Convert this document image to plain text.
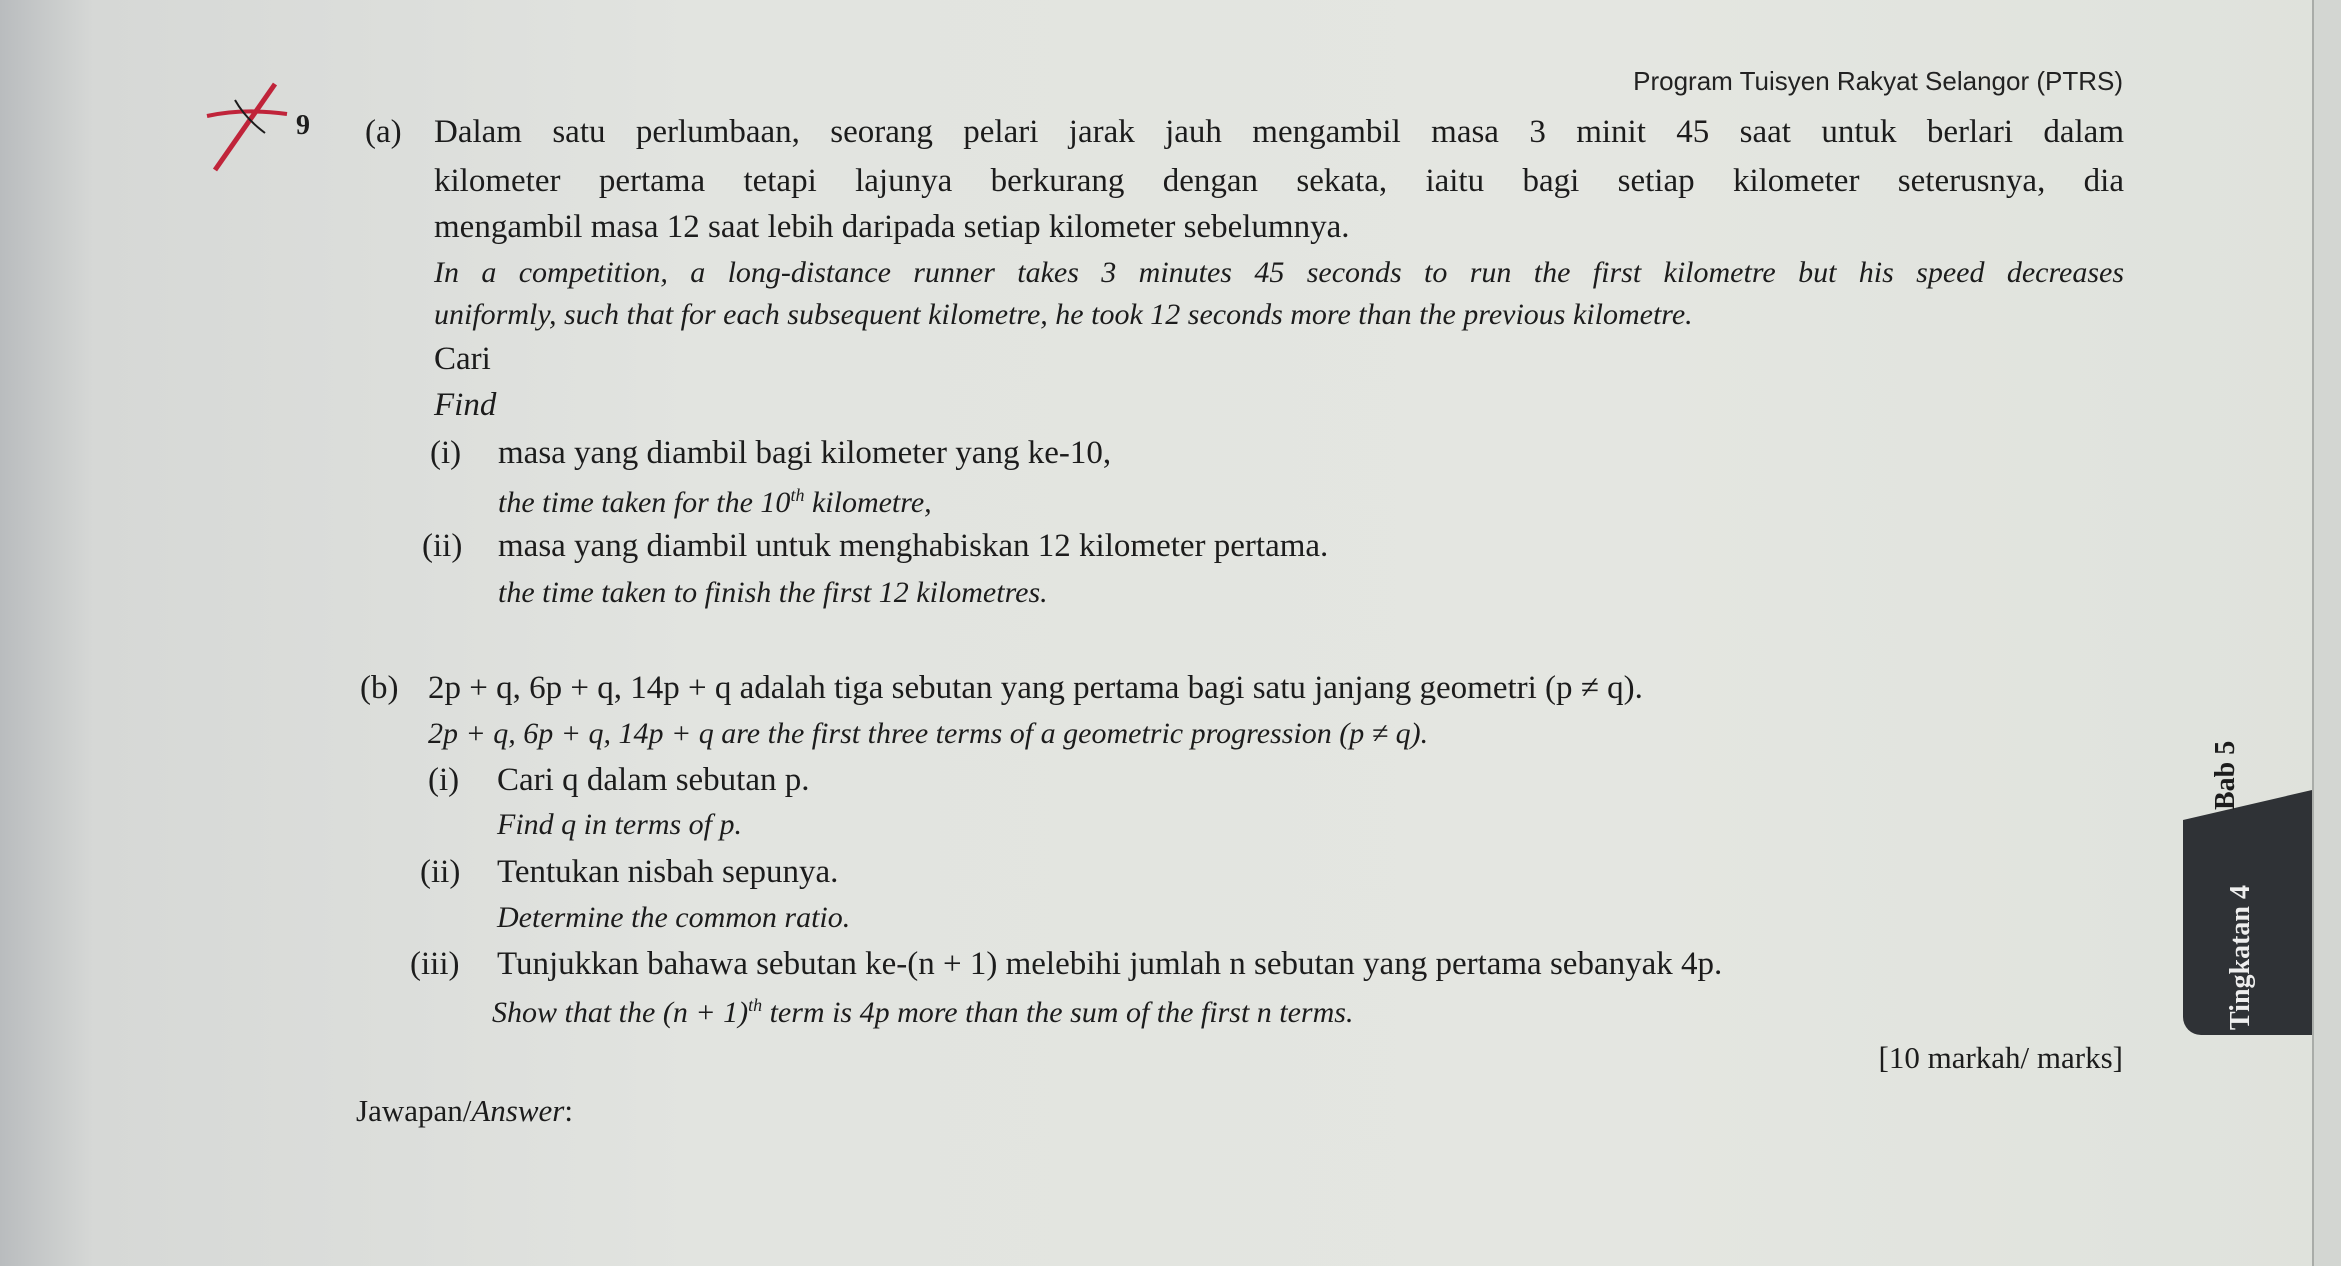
Program Tuisyen Rakyat Selangor (PTRS)
9 (a) Dalam satu perlumbaan, seorang pelari jarak jauh mengambil masa 3 minit 45 saat untuk berlari dalam
kilometer pertama tetapi lajunya berkurang dengan sekata, iaitu bagi setiap kilometer seterusnya, dia
mengambil masa 12 saat lebih daripada setiap kilometer sebelumnya.
In a competition, a long-distance runner takes 3 minutes 45 seconds to run the first kilometre but his speed decreases
uniformly, such that for each subsequent kilometre, he took 12 seconds more than the previous kilometre.
Cari
Find
(i) masa yang diambil bagi kilometer yang ke-10,
the time taken for the 10th kilometre,
(ii) masa yang diambil untuk menghabiskan 12 kilometer pertama.
the time taken to finish the first 12 kilometres.
(b) 2p + q, 6p + q, 14p + q adalah tiga sebutan yang pertama bagi satu janjang geometri (p ≠ q).
2p + q, 6p + q, 14p + q are the first three terms of a geometric progression (p ≠ q).
(i) Cari q dalam sebutan p.
Find q in terms of p.
(ii) Tentukan nisbah sepunya.
Determine the common ratio.
(iii) Tunjukkan bahawa sebutan ke-(n + 1) melebihi jumlah n sebutan yang pertama sebanyak 4p.
Show that the $(n + 1)^{th}$ term is 4p more than the sum of the first n terms.
[10 markah/ marks]
Jawapan/Answer:
Tingkatan 4
Bab 5
